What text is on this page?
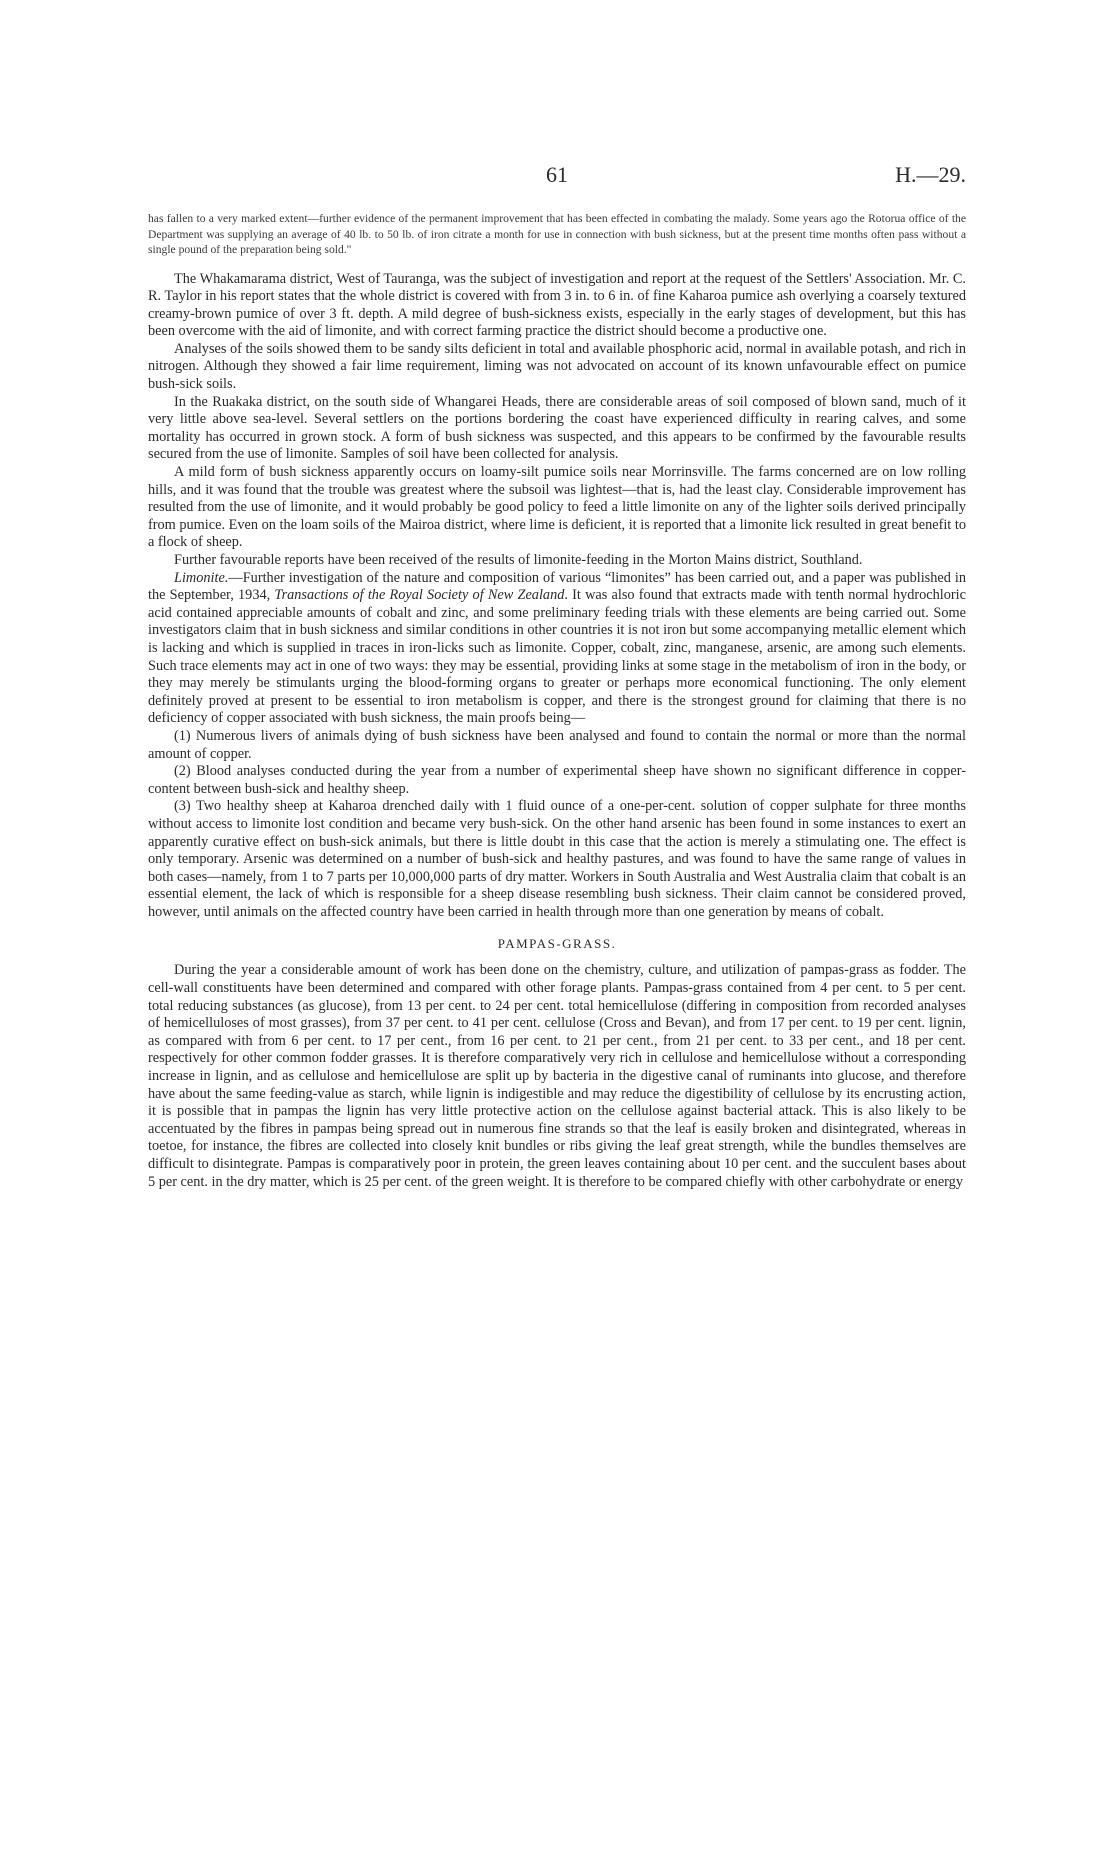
61	H.—29.

has fallen to a very marked extent—further evidence of the permanent improvement that has been effected in combating the malady. Some years ago the Rotorua office of the Department was supplying an average of 40 lb. to 50 lb. of iron citrate a month for use in connection with bush sickness, but at the present time months often pass without a single pound of the preparation being sold."

The Whakamarama district, West of Tauranga, was the subject of investigation and report at the request of the Settlers' Association. Mr. C. R. Taylor in his report states that the whole district is covered with from 3 in. to 6 in. of fine Kaharoa pumice ash overlying a coarsely textured creamy-brown pumice of over 3 ft. depth. A mild degree of bush-sickness exists, especially in the early stages of development, but this has been overcome with the aid of limonite, and with correct farming practice the district should become a productive one.

Analyses of the soils showed them to be sandy silts deficient in total and available phosphoric acid, normal in available potash, and rich in nitrogen. Although they showed a fair lime requirement, liming was not advocated on account of its known unfavourable effect on pumice bush-sick soils.

In the Ruakaka district, on the south side of Whangarei Heads, there are considerable areas of soil composed of blown sand, much of it very little above sea-level. Several settlers on the portions bordering the coast have experienced difficulty in rearing calves, and some mortality has occurred in grown stock. A form of bush sickness was suspected, and this appears to be confirmed by the favourable results secured from the use of limonite. Samples of soil have been collected for analysis.

A mild form of bush sickness apparently occurs on loamy-silt pumice soils near Morrinsville. The farms concerned are on low rolling hills, and it was found that the trouble was greatest where the subsoil was lightest—that is, had the least clay. Considerable improvement has resulted from the use of limonite, and it would probably be good policy to feed a little limonite on any of the lighter soils derived principally from pumice. Even on the loam soils of the Mairoa district, where lime is deficient, it is reported that a limonite lick resulted in great benefit to a flock of sheep.

Further favourable reports have been received of the results of limonite-feeding in the Morton Mains district, Southland.

Limonite.—Further investigation of the nature and composition of various “limonites” has been carried out, and a paper was published in the September, 1934, Transactions of the Royal Society of New Zealand. It was also found that extracts made with tenth normal hydrochloric acid contained appreciable amounts of cobalt and zinc, and some preliminary feeding trials with these elements are being carried out. Some investigators claim that in bush sickness and similar conditions in other countries it is not iron but some accompanying metallic element which is lacking and which is supplied in traces in iron-licks such as limonite. Copper, cobalt, zinc, manganese, arsenic, are among such elements. Such trace elements may act in one of two ways: they may be essential, providing links at some stage in the metabolism of iron in the body, or they may merely be stimulants urging the blood-forming organs to greater or perhaps more economical functioning. The only element definitely proved at present to be essential to iron metabolism is copper, and there is the strongest ground for claiming that there is no deficiency of copper associated with bush sickness, the main proofs being—

(1) Numerous livers of animals dying of bush sickness have been analysed and found to contain the normal or more than the normal amount of copper.

(2) Blood analyses conducted during the year from a number of experimental sheep have shown no significant difference in copper-content between bush-sick and healthy sheep.

(3) Two healthy sheep at Kaharoa drenched daily with 1 fluid ounce of a one-per-cent. solution of copper sulphate for three months without access to limonite lost condition and became very bush-sick. On the other hand arsenic has been found in some instances to exert an apparently curative effect on bush-sick animals, but there is little doubt in this case that the action is merely a stimulating one. The effect is only temporary. Arsenic was determined on a number of bush-sick and healthy pastures, and was found to have the same range of values in both cases—namely, from 1 to 7 parts per 10,000,000 parts of dry matter. Workers in South Australia and West Australia claim that cobalt is an essential element, the lack of which is responsible for a sheep disease resembling bush sickness. Their claim cannot be considered proved, however, until animals on the affected country have been carried in health through more than one generation by means of cobalt.

PAMPAS-GRASS.

During the year a considerable amount of work has been done on the chemistry, culture, and utilization of pampas-grass as fodder. The cell-wall constituents have been determined and compared with other forage plants. Pampas-grass contained from 4 per cent. to 5 per cent. total reducing substances (as glucose), from 13 per cent. to 24 per cent. total hemicellulose (differing in composition from recorded analyses of hemicelluloses of most grasses), from 37 per cent. to 41 per cent. cellulose (Cross and Bevan), and from 17 per cent. to 19 per cent. lignin, as compared with from 6 per cent. to 17 per cent., from 16 per cent. to 21 per cent., from 21 per cent. to 33 per cent., and 18 per cent. respectively for other common fodder grasses. It is therefore comparatively very rich in cellulose and hemicellulose without a corresponding increase in lignin, and as cellulose and hemicellulose are split up by bacteria in the digestive canal of ruminants into glucose, and therefore have about the same feeding-value as starch, while lignin is indigestible and may reduce the digestibility of cellulose by its encrusting action, it is possible that in pampas the lignin has very little protective action on the cellulose against bacterial attack. This is also likely to be accentuated by the fibres in pampas being spread out in numerous fine strands so that the leaf is easily broken and disintegrated, whereas in toetoe, for instance, the fibres are collected into closely knit bundles or ribs giving the leaf great strength, while the bundles themselves are difficult to disintegrate. Pampas is comparatively poor in protein, the green leaves containing about 10 per cent. and the succulent bases about 5 per cent. in the dry matter, which is 25 per cent. of the green weight. It is therefore to be compared chiefly with other carbohydrate or energy
